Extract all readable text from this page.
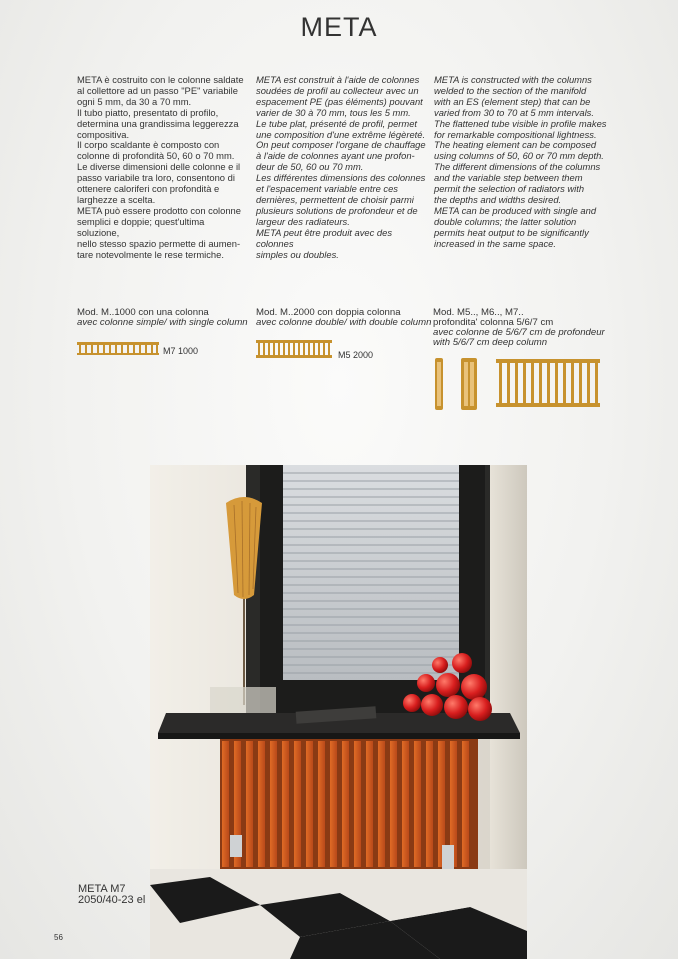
META
META è costruito con le colonne saldate
al collettore ad un passo "PE" variabile
ogni 5 mm, da 30 a 70 mm.
Il tubo piatto, presentato di profilo,
determina una grandissima leggerezza
compositiva.
Il corpo scaldante è composto con
colonne di profondità 50, 60 o 70 mm.
Le diverse dimensioni delle colonne e il
passo variabile tra loro, consentono di
ottenere caloriferi con profondità e
larghezze a scelta.
META può essere prodotto con colonne
semplici e doppie; quest'ultima soluzione,
nello stesso spazio permette di aumen-
tare notevolmente le rese termiche.
META est construit à l'aide de colonnes
soudées de profil au collecteur avec un
espacement PE (pas éléments) pouvant
varier de 30 à 70 mm, tous les 5 mm.
Le tube plat, présenté de profil, permet
une composition d'une extrême légèreté.
On peut composer l'organe de chauffage
à l'aide de colonnes ayant une profon-
deur de 50, 60 ou 70 mm.
Les différentes dimensions des colonnes
et l'espacement variable entre ces
dernières, permettent de choisir parmi
plusieurs solutions de profondeur et de
largeur des radiateurs.
META peut être produit avec des colonnes
simples ou doubles.
META is constructed with the columns
welded to the section of the manifold
with an ES (element step) that can be
varied from 30 to 70 at 5 mm intervals.
The flattened tube visible in profile makes
for remarkable compositional lightness.
The heating element can be composed
using columns of 50, 60 or 70 mm depth.
The different dimensions of the columns
and the variable step between them
permit the selection of radiators with
the depths and widths desired.
META can be produced with single and
double columns; the latter solution
permits heat output to be significantly
increased in the same space.
Mod. M..1000 con una colonna
avec colonne simple/ with single column
M7 1000
Mod. M..2000 con doppia colonna
avec colonne double/ with double column
M5 2000
Mod. M5.., M6.., M7..
profondita' colonna 5/6/7 cm
avec colonne de 5/6/7 cm de profondeur
with 5/6/7 cm deep column
META M7
2050/40-23 el
56
